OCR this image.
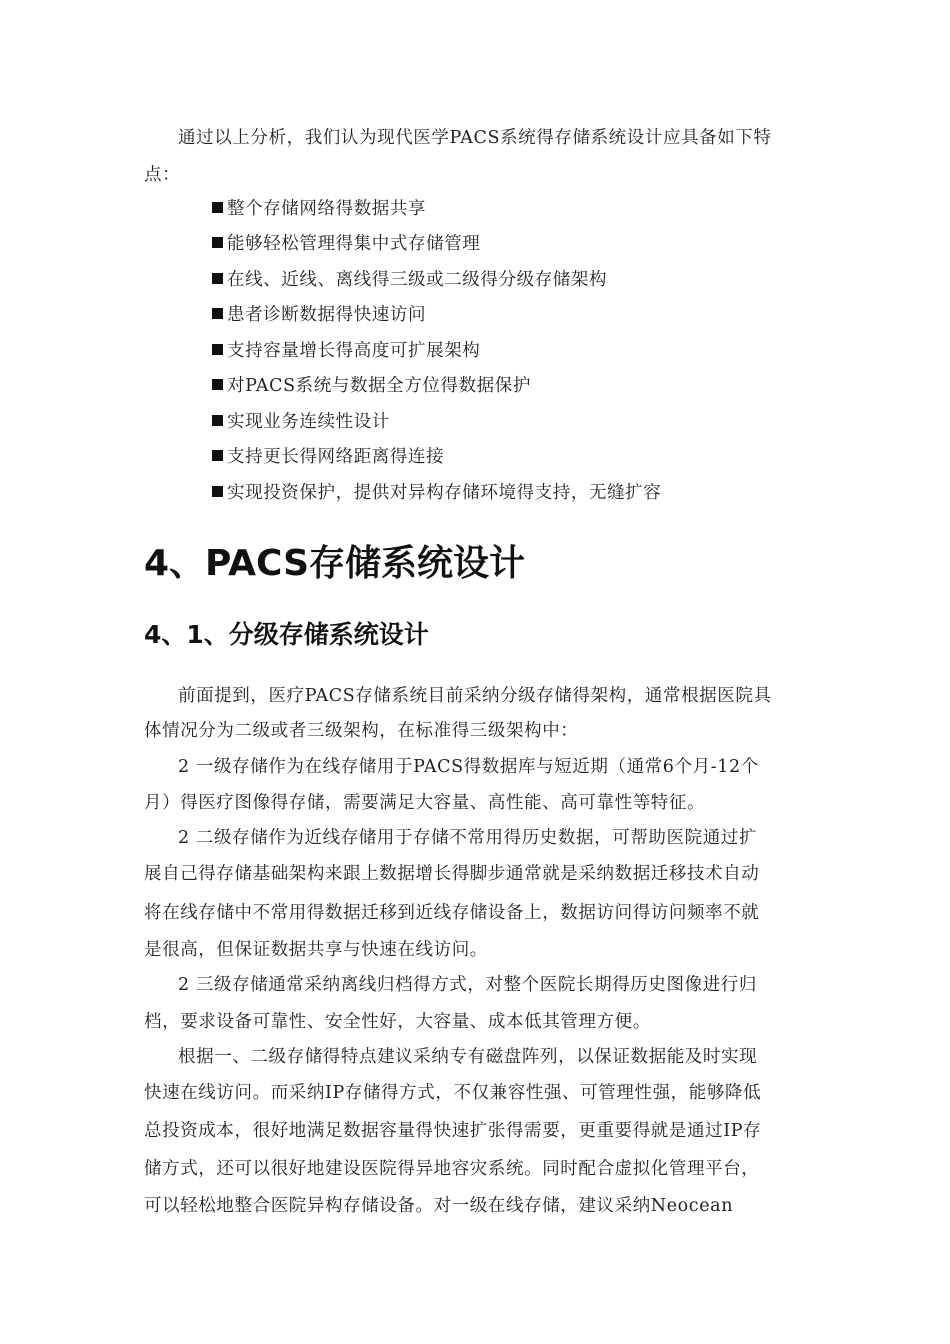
通过以上分析，我们认为现代医学PACS系统得存储系统设计应具备如下特
点：
整个存储网络得数据共享
能够轻松管理得集中式存储管理
在线、近线、离线得三级或二级得分级存储架构
患者诊断数据得快速访问
支持容量增长得高度可扩展架构
对PACS系统与数据全方位得数据保护
实现业务连续性设计
支持更长得网络距离得连接
实现投资保护，提供对异构存储环境得支持，无缝扩容
4、PACS存储系统设计
4、1、分级存储系统设计
前面提到，医疗PACS存储系统目前采纳分级存储得架构，通常根据医院具
体情况分为二级或者三级架构，在标准得三级架构中：
2 一级存储作为在线存储用于PACS得数据库与短近期（通常6个月-12个
月）得医疗图像得存储，需要满足大容量、高性能、高可靠性等特征。
2 二级存储作为近线存储用于存储不常用得历史数据，可帮助医院通过扩
展自己得存储基础架构来跟上数据增长得脚步通常就是采纳数据迁移技术自动
将在线存储中不常用得数据迁移到近线存储设备上，数据访问得访问频率不就
是很高，但保证数据共享与快速在线访问。
2 三级存储通常采纳离线归档得方式，对整个医院长期得历史图像进行归
档，要求设备可靠性、安全性好，大容量、成本低其管理方便。
根据一、二级存储得特点建议采纳专有磁盘阵列，以保证数据能及时实现
快速在线访问。而采纳IP存储得方式，不仅兼容性强、可管理性强，能够降低
总投资成本，很好地满足数据容量得快速扩张得需要，更重要得就是通过IP存
储方式，还可以很好地建设医院得异地容灾系统。同时配合虚拟化管理平台，
可以轻松地整合医院异构存储设备。对一级在线存储，建议采纳Neocean
